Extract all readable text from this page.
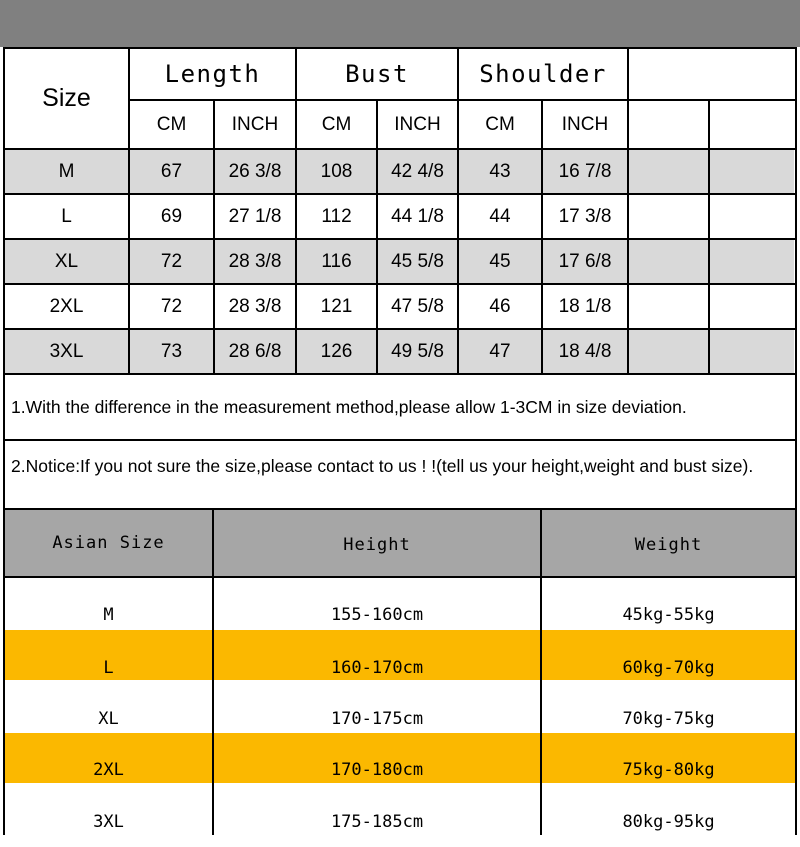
Size
Length	Bust	Shoulder
CM	INCH	CM	INCH	CM	INCH
M	67	26 3/8	108	42 4/8	43	16 7/8
L	69	27 1/8	112	44 1/8	44	17 3/8
XL	72	28 3/8	116	45 5/8	45	17 6/8
2XL	72	28 3/8	121	47 5/8	46	18 1/8
3XL	73	28 6/8	126	49 5/8	47	18 4/8
1.With the difference in the measurement method,please allow 1-3CM in size deviation.
2.Notice:If you not sure the size,please contact to us ! !(tell us your height,weight and bust size).
Asian Size	Height	Weight
M	155-160cm	45kg-55kg
L	160-170cm	60kg-70kg
XL	170-175cm	70kg-75kg
2XL	170-180cm	75kg-80kg
3XL	175-185cm	80kg-95kg
